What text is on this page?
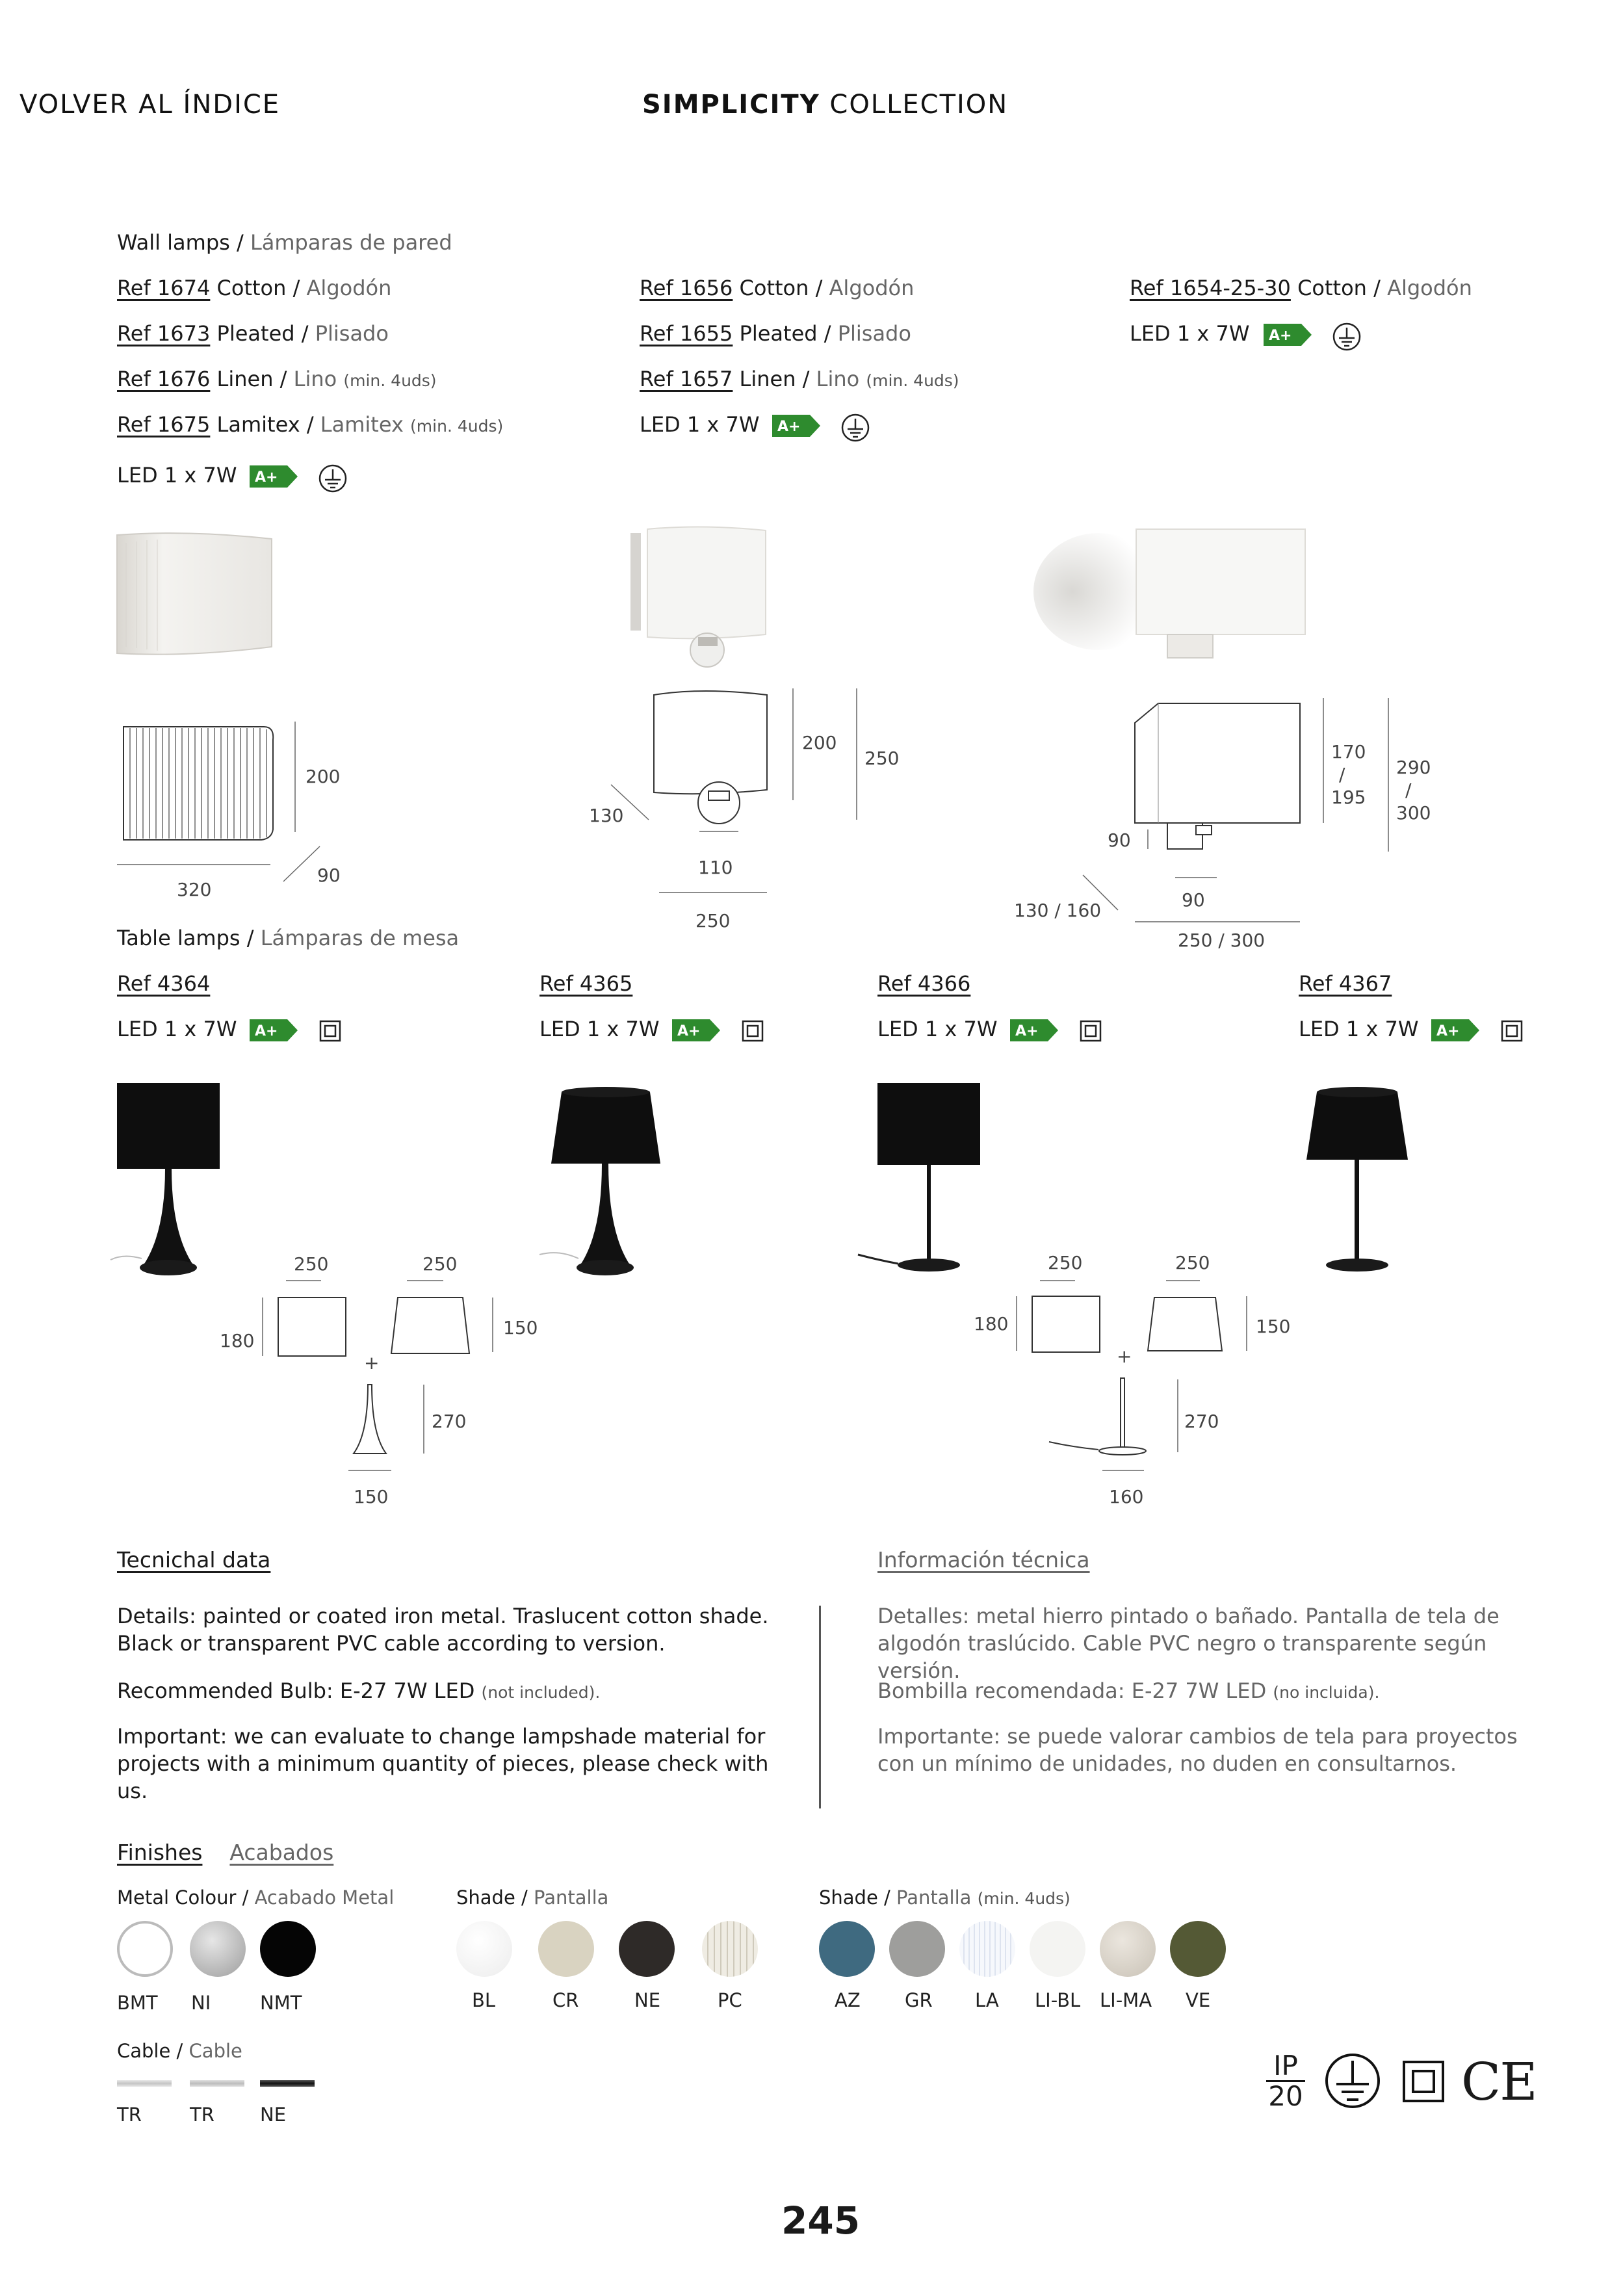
VOLVER AL ÍNDICE	SIMPLICITY COLLECTION
Wall lamps / Lámparas de pared
Ref 1674 Cotton / Algodón
Ref 1673 Pleated / Plisado
Ref 1676 Linen / Lino (min. 4uds)
Ref 1675 Lamitex / Lamitex (min. 4uds)
LED 1 x 7W
Ref 1656 Cotton / Algodón
Ref 1655 Pleated / Plisado
Ref 1657 Linen / Lino (min. 4uds)
LED 1 x 7W
Ref 1654-25-30 Cotton / Algodón
LED 1 x 7W
A+
A+
A+
200
320
90
200
250
130
110
250
170
/
195
290
/
300
90
130 / 160	90
250 / 300
Table lamps / Lámparas de mesa
Ref 4364	Ref 4365	Ref 4366	Ref 4367
LED 1 x 7W	LED 1 x 7W	LED 1 x 7W	LED 1 x 7W
A+	A+	A+	A+
250	250
180
150
+
270
150
250	250
180	150
+
270
160
Tecnichal data	Información técnica
Details: painted or coated iron metal. Traslucent cotton shade. Black or transparent PVC cable according to version.
Recommended Bulb: E-27 7W LED (not included).
Important: we can evaluate to change lampshade material for projects with a minimum quantity of pieces, please check with us.
Detalles: metal hierro pintado o bañado. Pantalla de tela de algodón traslúcido. Cable PVC negro o transparente según versión.
Bombilla recomendada: E-27 7W LED (no incluida).
Importante: se puede valorar cambios de tela para proyectos con un mínimo de unidades, no duden en consultarnos.
Finishes Acabados
Metal Colour / Acabado Metal	Shade / Pantalla	Shade / Pantalla (min. 4uds)
BMT NI	NMT	BL	CR	NE	PC	AZ GR LA LI-BL LI-MA VE
Cable / Cable
TR	TR NE
IP
20	CE
245
